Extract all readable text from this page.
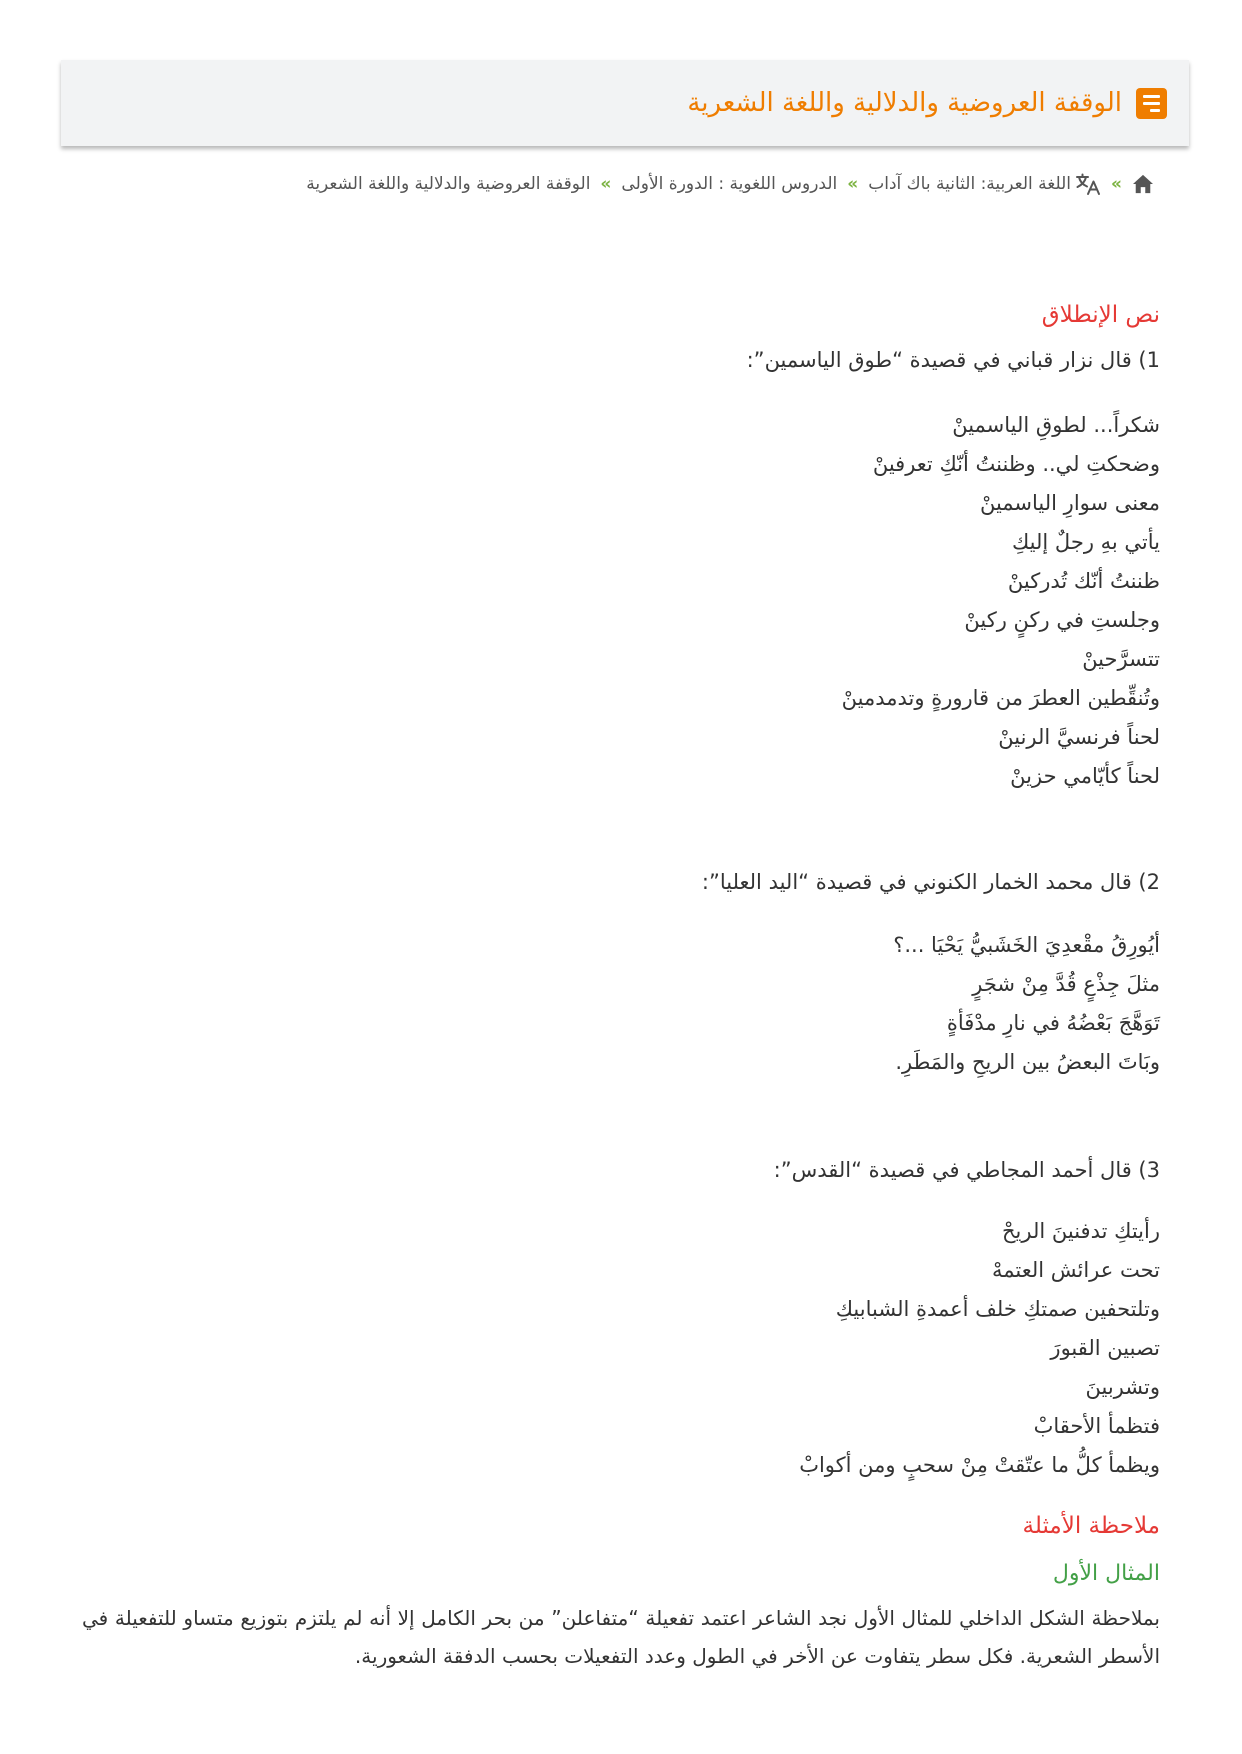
الوقفة العروضية والدلالية واللغة الشعرية
»
اللغة العربية: الثانية باك آداب
»
الدروس اللغوية : الدورة الأولى
»
الوقفة العروضية والدلالية واللغة الشعرية
نص الإنطلاق

1) قال نزار قباني في قصيدة “طوق الياسمين”:

شكراً... لطوقِ الياسمينْ
وضحكتِ لي.. وظننتُ أنّكِ تعرفينْ
معنى سوارِ الياسمينْ
يأتي بهِ رجلٌ إليكِ
ظننتُ أنّك تُدركينْ
وجلستِ في ركنٍ ركينْ
تتسرَّحينْ
وتُنقِّطين العطرَ من قارورةٍ وتدمدمينْ
لحناً فرنسيَّ الرنينْ
لحناً كأيّامي حزينْ

2) قال محمد الخمار الكنوني في قصيدة “اليد العليا”:

أيُورِقُ مقْعدِيَ الخَشَبيُّ يَحْيَا ...؟
مثلَ جِذْعٍ قُدَّ مِنْ شجَرٍ
تَوَهَّجَ بَعْضُهُ في نارِ مدْفَأةٍ
وبَاتَ البعضُ بين الريحِ والمَطَرِ.

3) قال أحمد المجاطي في قصيدة “القدس”:

رأيتكِ تدفنينَ الريحْ
تحت عرائش العتمهْ
وتلتحفين صمتكِ خلف أعمدةِ الشبابيكِ
تصبين القبورَ
وتشربينَ
فتظمأ الأحقابْ
ويظمأ كلُّ ما عتّقتْ مِنْ سحبٍ ومن أكوابْ
ملاحظة الأمثلة
المثال الأول

بملاحظة الشكل الداخلي للمثال الأول نجد الشاعر اعتمد تفعيلة “متفاعلن” من بحر الكامل إلا أنه لم يلتزم بتوزيع متساو للتفعيلة في الأسطر الشعرية. فكل سطر يتفاوت عن الأخر في الطول وعدد التفعيلات بحسب الدفقة الشعورية.
